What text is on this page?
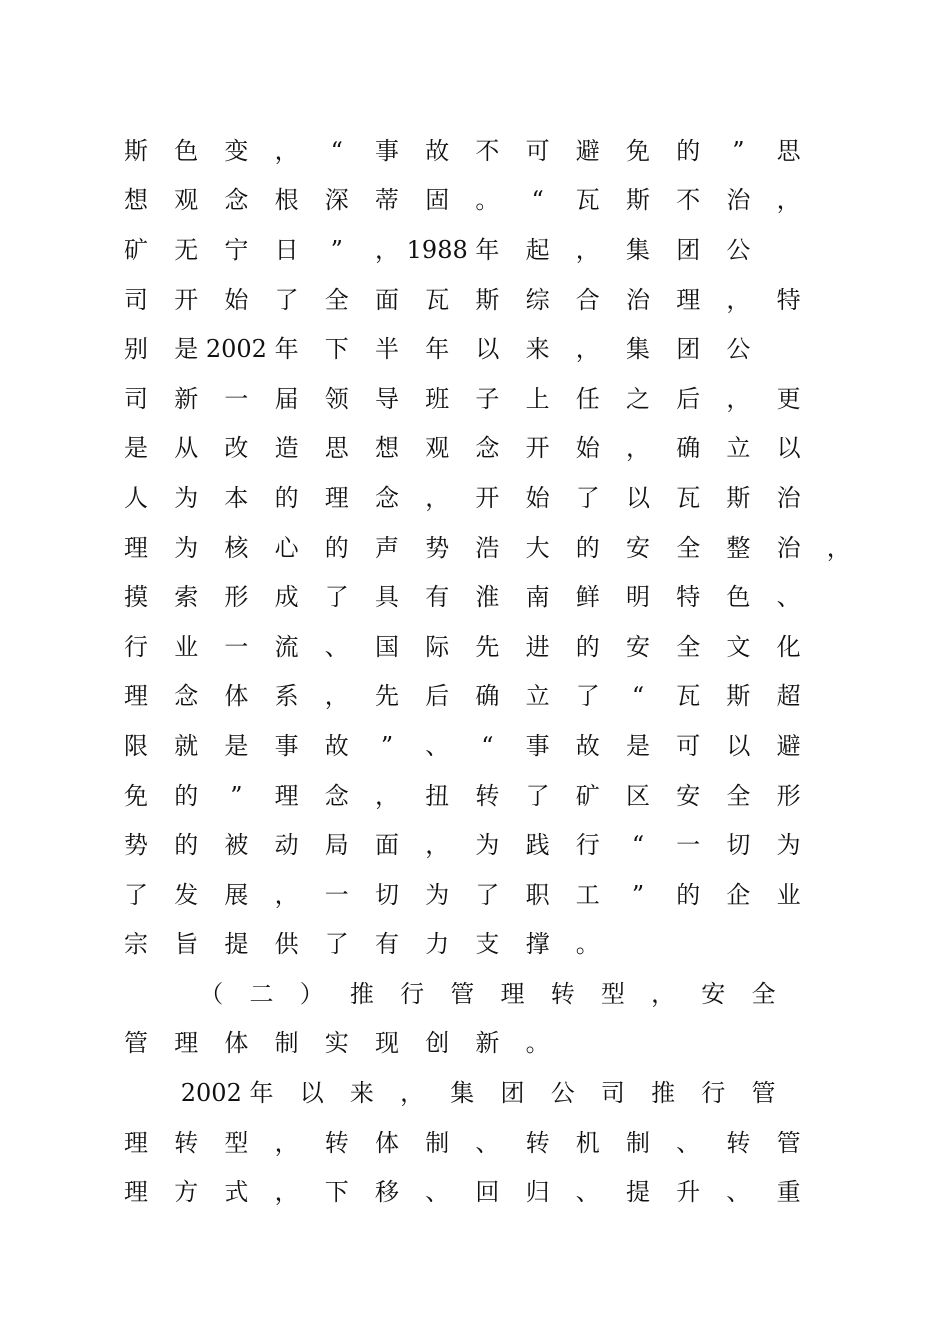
斯 色 变 ， “ 事 故 不 可 避 免 的 ” 思
想 观 念 根 深 蒂 固 。 “ 瓦 斯 不 治 ，
矿 无 宁 日 ” ， 1988 年 起 ， 集 团 公
司 开 始 了 全 面 瓦 斯 综 合 治 理 ， 特
别 是 2002 年 下 半 年 以 来 ， 集 团 公
司 新 一 届 领 导 班 子 上 任 之 后 ， 更
是 从 改 造 思 想 观 念 开 始 ， 确 立 以
人 为 本 的 理 念 ， 开 始 了 以 瓦 斯 治
理 为 核 心 的 声 势 浩 大 的 安 全 整 治 ，
摸 索 形 成 了 具 有 淮 南 鲜 明 特 色 、
行 业 一 流 、 国 际 先 进 的 安 全 文 化
理 念 体 系 ， 先 后 确 立 了 “ 瓦 斯 超
限 就 是 事 故 ” 、 “ 事 故 是 可 以 避
免 的 ” 理 念 ， 扭 转 了 矿 区 安 全 形
势 的 被 动 局 面 ， 为 践 行 “ 一 切 为
了 发 展 ， 一 切 为 了 职 工 ” 的 企 业
宗 旨 提 供 了 有 力 支 撑 。
（ 二 ） 推 行 管 理 转 型 ， 安 全
管 理 体 制 实 现 创 新 。
2002 年 以 来 ， 集 团 公 司 推 行 管
理 转 型 ， 转 体 制 、 转 机 制 、 转 管
理 方 式 ， 下 移 、 回 归 、 提 升 、 重
